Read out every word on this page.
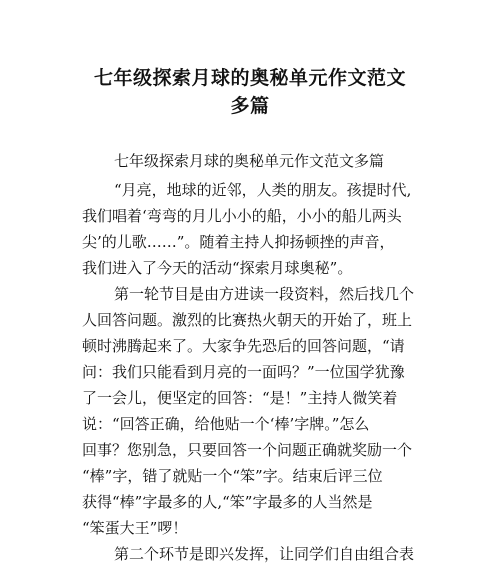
七年级探索月球的奥秘单元作文范文
多篇
七年级探索月球的奥秘单元作文范文多篇
“月亮，地球的近邻，人类的朋友。孩提时代,
我们唱着‘弯弯的月儿小小的船，小小的船儿两头
尖’的儿歌……”。随着主持人抑扬顿挫的声音，
我们进入了今天的活动“探索月球奥秘”。
第一轮节目是由方进读一段资料，然后找几个
人回答问题。激烈的比赛热火朝天的开始了，班上
顿时沸腾起来了。大家争先恐后的回答问题，“请
问：我们只能看到月亮的一面吗？”一位国学犹豫
了一会儿，便坚定的回答：“是！”主持人微笑着
说：“回答正确，给他贴一个‘棒’字牌。”怎么
回事？您别急，只要回答一个问题正确就奖励一个
“棒”字，错了就贴一个“笨”字。结束后评三位
获得“棒”字最多的人,“笨”字最多的人当然是
“笨蛋大王”啰！
第二个环节是即兴发挥，让同学们自由组合表
